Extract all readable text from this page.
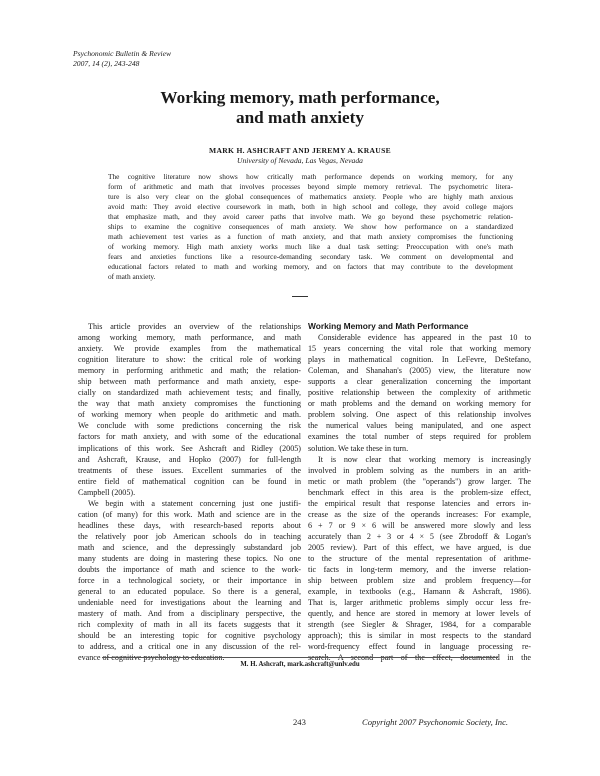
Psychonomic Bulletin & Review
2007, 14 (2), 243-248
Working memory, math performance,
and math anxiety
MARK H. ASHCRAFT AND JEREMY A. KRAUSE
University of Nevada, Las Vegas, Nevada
The cognitive literature now shows how critically math performance depends on working memory, for any
form of arithmetic and math that involves processes beyond simple memory retrieval. The psychometric litera-
ture is also very clear on the global consequences of mathematics anxiety. People who are highly math anxious
avoid math: They avoid elective coursework in math, both in high school and college, they avoid college majors
that emphasize math, and they avoid career paths that involve math. We go beyond these psychometric relation-
ships to examine the cognitive consequences of math anxiety. We show how performance on a standardized
math achievement test varies as a function of math anxiety, and that math anxiety compromises the functioning
of working memory. High math anxiety works much like a dual task setting: Preoccupation with one's math
fears and anxieties functions like a resource-demanding secondary task. We comment on developmental and
educational factors related to math and working memory, and on factors that may contribute to the development
of math anxiety.

This article provides an overview of the relationships
among working memory, math performance, and math
anxiety. We provide examples from the mathematical
cognition literature to show: the critical role of working
memory in performing arithmetic and math; the relation-
ship between math performance and math anxiety, espe-
cially on standardized math achievement tests; and finally,
the way that math anxiety compromises the functioning
of working memory when people do arithmetic and math.
We conclude with some predictions concerning the risk
factors for math anxiety, and with some of the educational
implications of this work. See Ashcraft and Ridley (2005)
and Ashcraft, Krause, and Hopko (2007) for full-length
treatments of these issues. Excellent summaries of the
entire field of mathematical cognition can be found in
Campbell (2005).

We begin with a statement concerning just one justifi-
cation (of many) for this work. Math and science are in the
headlines these days, with research-based reports about
the relatively poor job American schools do in teaching
math and science, and the depressingly substandard job
many students are doing in mastering these topics. No one
doubts the importance of math and science to the work-
force in a technological society, or their importance in
general to an educated populace. So there is a general,
undeniable need for investigations about the learning and
mastery of math. And from a disciplinary perspective, the
rich complexity of math in all its facets suggests that it
should be an interesting topic for cognitive psychology
to address, and a critical one in any discussion of the rel-
evance of cognitive psychology to education.

Working Memory and Math Performance

Considerable evidence has appeared in the past 10 to
15 years concerning the vital role that working memory
plays in mathematical cognition. In LeFevre, DeStefano,
Coleman, and Shanahan's (2005) view, the literature now
supports a clear generalization concerning the important
positive relationship between the complexity of arithmetic
or math problems and the demand on working memory for
problem solving. One aspect of this relationship involves
the numerical values being manipulated, and one aspect
examines the total number of steps required for problem
solution. We take these in turn.

It is now clear that working memory is increasingly
involved in problem solving as the numbers in an arith-
metic or math problem (the "operands") grow larger. The
benchmark effect in this area is the problem-size effect,
the empirical result that response latencies and errors in-
crease as the size of the operands increases: For example,
6 + 7 or 9 × 6 will be answered more slowly and less
accurately than 2 + 3 or 4 × 5 (see Zbrodoff & Logan's
2005 review). Part of this effect, we have argued, is due
to the structure of the mental representation of arithme-
tic facts in long-term memory, and the inverse relation-
ship between problem size and problem frequency—for
example, in textbooks (e.g., Hamann & Ashcraft, 1986).
That is, larger arithmetic problems simply occur less fre-
quently, and hence are stored in memory at lower levels of
strength (see Siegler & Shrager, 1984, for a comparable
approach); this is similar in most respects to the standard
word-frequency effect found in language processing re-
search. A second part of the effect, documented in the

M. H. Ashcraft, mark.ashcraft@unlv.edu
243	Copyright 2007 Psychonomic Society, Inc.
